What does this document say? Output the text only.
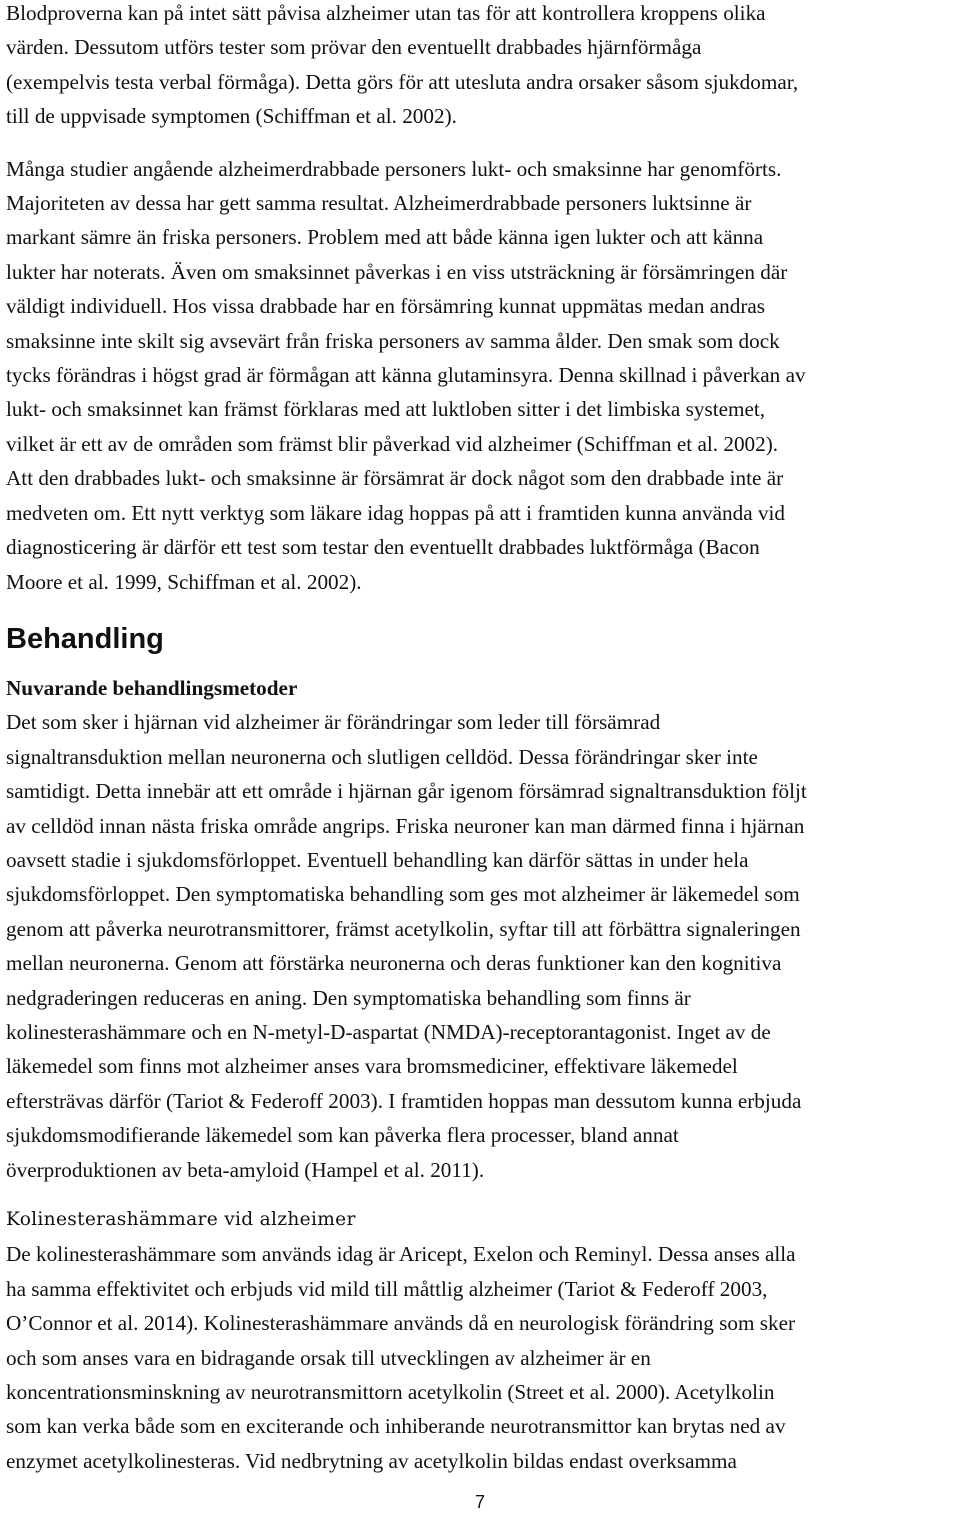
Blodproverna kan på intet sätt påvisa alzheimer utan tas för att kontrollera kroppens olika
värden. Dessutom utförs tester som prövar den eventuellt drabbades hjärnförmåga
(exempelvis testa verbal förmåga). Detta görs för att utesluta andra orsaker såsom sjukdomar,
till de uppvisade symptomen (Schiffman et al. 2002).

Många studier angående alzheimerdrabbade personers lukt- och smaksinne har genomförts.
Majoriteten av dessa har gett samma resultat. Alzheimerdrabbade personers luktsinne är
markant sämre än friska personers. Problem med att både känna igen lukter och att känna
lukter har noterats. Även om smaksinnet påverkas i en viss utsträckning är försämringen där
väldigt individuell. Hos vissa drabbade har en försämring kunnat uppmätas medan andras
smaksinne inte skilt sig avsevärt från friska personers av samma ålder. Den smak som dock
tycks förändras i högst grad är förmågan att känna glutaminsyra. Denna skillnad i påverkan av
lukt- och smaksinnet kan främst förklaras med att luktloben sitter i det limbiska systemet,
vilket är ett av de områden som främst blir påverkad vid alzheimer (Schiffman et al. 2002).
Att den drabbades lukt- och smaksinne är försämrat är dock något som den drabbade inte är
medveten om. Ett nytt verktyg som läkare idag hoppas på att i framtiden kunna använda vid
diagnosticering är därför ett test som testar den eventuellt drabbades luktförmåga (Bacon
Moore et al. 1999, Schiffman et al. 2002).

Behandling
Nuvarande behandlingsmetoder

Det som sker i hjärnan vid alzheimer är förändringar som leder till försämrad
signaltransduktion mellan neuronerna och slutligen celldöd. Dessa förändringar sker inte
samtidigt. Detta innebär att ett område i hjärnan går igenom försämrad signaltransduktion följt
av celldöd innan nästa friska område angrips. Friska neuroner kan man därmed finna i hjärnan
oavsett stadie i sjukdomsförloppet. Eventuell behandling kan därför sättas in under hela
sjukdomsförloppet. Den symptomatiska behandling som ges mot alzheimer är läkemedel som
genom att påverka neurotransmittorer, främst acetylkolin, syftar till att förbättra signaleringen
mellan neuronerna. Genom att förstärka neuronerna och deras funktioner kan den kognitiva
nedgraderingen reduceras en aning. Den symptomatiska behandling som finns är
kolinesterashämmare och en N-metyl-D-aspartat (NMDA)-receptorantagonist. Inget av de
läkemedel som finns mot alzheimer anses vara bromsmediciner, effektivare läkemedel
eftersträvas därför (Tariot & Federoff 2003). I framtiden hoppas man dessutom kunna erbjuda
sjukdomsmodifierande läkemedel som kan påverka flera processer, bland annat
överproduktionen av beta-amyloid (Hampel et al. 2011).

Kolinesterashämmare vid alzheimer

De kolinesterashämmare som används idag är Aricept, Exelon och Reminyl. Dessa anses alla
ha samma effektivitet och erbjuds vid mild till måttlig alzheimer (Tariot & Federoff 2003,
O’Connor et al. 2014). Kolinesterashämmare används då en neurologisk förändring som sker
och som anses vara en bidragande orsak till utvecklingen av alzheimer är en
koncentrationsminskning av neurotransmittorn acetylkolin (Street et al. 2000). Acetylkolin
som kan verka både som en exciterande och inhiberande neurotransmittor kan brytas ned av
enzymet acetylkolinesteras. Vid nedbrytning av acetylkolin bildas endast overksamma

7
